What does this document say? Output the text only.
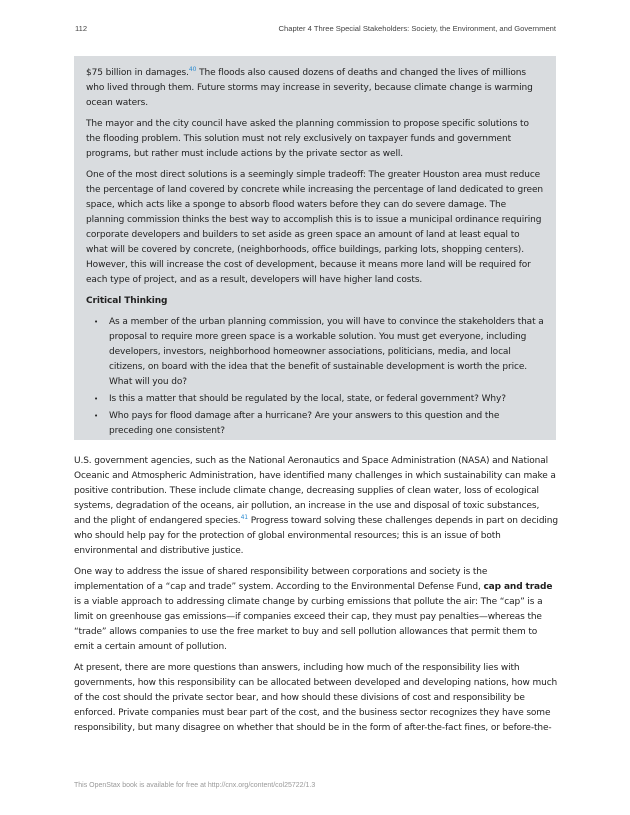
112	Chapter 4 Three Special Stakeholders: Society, the Environment, and Government

$75 billion in damages.$^{40}$ The floods also caused dozens of deaths and changed the lives of millions who lived through them. Future storms may increase in severity, because climate change is warming ocean waters.

The mayor and the city council have asked the planning commission to propose specific solutions to the flooding problem. This solution must not rely exclusively on taxpayer funds and government programs, but rather must include actions by the private sector as well.

One of the most direct solutions is a seemingly simple tradeoff: The greater Houston area must reduce the percentage of land covered by concrete while increasing the percentage of land dedicated to green space, which acts like a sponge to absorb flood waters before they can do severe damage. The planning commission thinks the best way to accomplish this is to issue a municipal ordinance requiring corporate developers and builders to set aside as green space an amount of land at least equal to what will be covered by concrete, (neighborhoods, office buildings, parking lots, shopping centers). However, this will increase the cost of development, because it means more land will be required for each type of project, and as a result, developers will have higher land costs.

Critical Thinking
• As a member of the urban planning commission, you will have to convince the stakeholders that a proposal to require more green space is a workable solution. You must get everyone, including developers, investors, neighborhood homeowner associations, politicians, media, and local citizens, on board with the idea that the benefit of sustainable development is worth the price. What will you do?
• Is this a matter that should be regulated by the local, state, or federal government? Why?
• Who pays for flood damage after a hurricane? Are your answers to this question and the preceding one consistent?

U.S. government agencies, such as the National Aeronautics and Space Administration (NASA) and National Oceanic and Atmospheric Administration, have identified many challenges in which sustainability can make a positive contribution. These include climate change, decreasing supplies of clean water, loss of ecological systems, degradation of the oceans, air pollution, an increase in the use and disposal of toxic substances, and the plight of endangered species.$^{41}$ Progress toward solving these challenges depends in part on deciding who should help pay for the protection of global environmental resources; this is an issue of both environmental and distributive justice.

One way to address the issue of shared responsibility between corporations and society is the implementation of a “cap and trade” system. According to the Environmental Defense Fund, cap and trade is a viable approach to addressing climate change by curbing emissions that pollute the air: The “cap” is a limit on greenhouse gas emissions—if companies exceed their cap, they must pay penalties—whereas the “trade” allows companies to use the free market to buy and sell pollution allowances that permit them to emit a certain amount of pollution.

At present, there are more questions than answers, including how much of the responsibility lies with governments, how this responsibility can be allocated between developed and developing nations, how much of the cost should the private sector bear, and how should these divisions of cost and responsibility be enforced. Private companies must bear part of the cost, and the business sector recognizes they have some responsibility, but many disagree on whether that should be in the form of after-the-fact fines, or before-the-

This OpenStax book is available for free at http://cnx.org/content/col25722/1.3
